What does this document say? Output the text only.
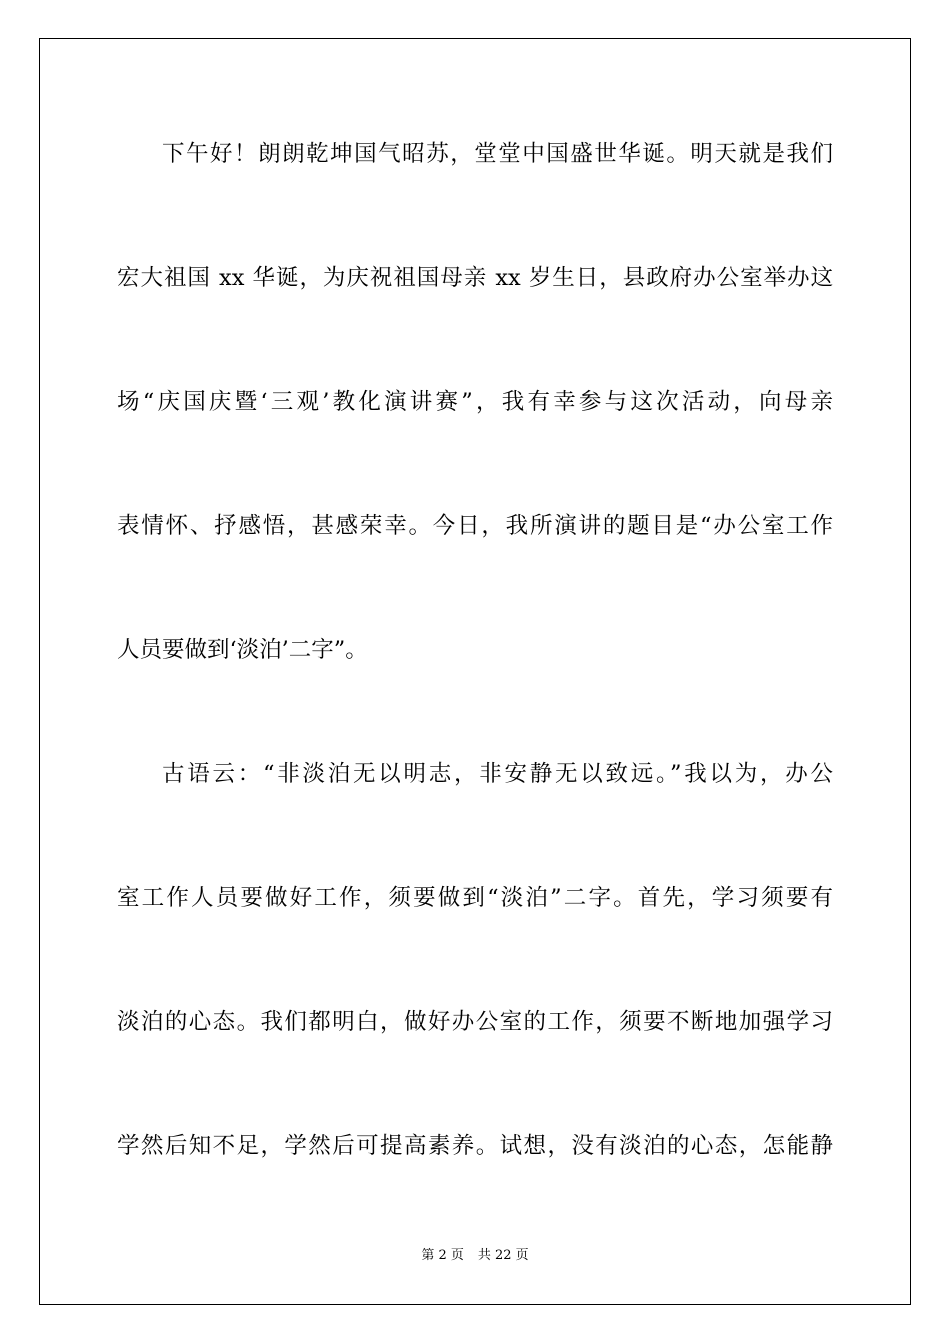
下午好！朗朗乾坤国气昭苏，堂堂中国盛世华诞。明天就是我们
宏大祖国 xx 华诞，为庆祝祖国母亲 xx 岁生日，县政府办公室举办这
场“庆国庆暨‘三观’教化演讲赛”，我有幸参与这次活动，向母亲
表情怀、抒感悟，甚感荣幸。今日，我所演讲的题目是“办公室工作
人员要做到‘淡泊’二字”。
古语云：“非淡泊无以明志，非安静无以致远。”我以为，办公
室工作人员要做好工作，须要做到“淡泊”二字。首先，学习须要有
淡泊的心态。我们都明白，做好办公室的工作，须要不断地加强学习
学然后知不足，学然后可提高素养。试想，没有淡泊的心态，怎能静
第 2 页 共 22 页
